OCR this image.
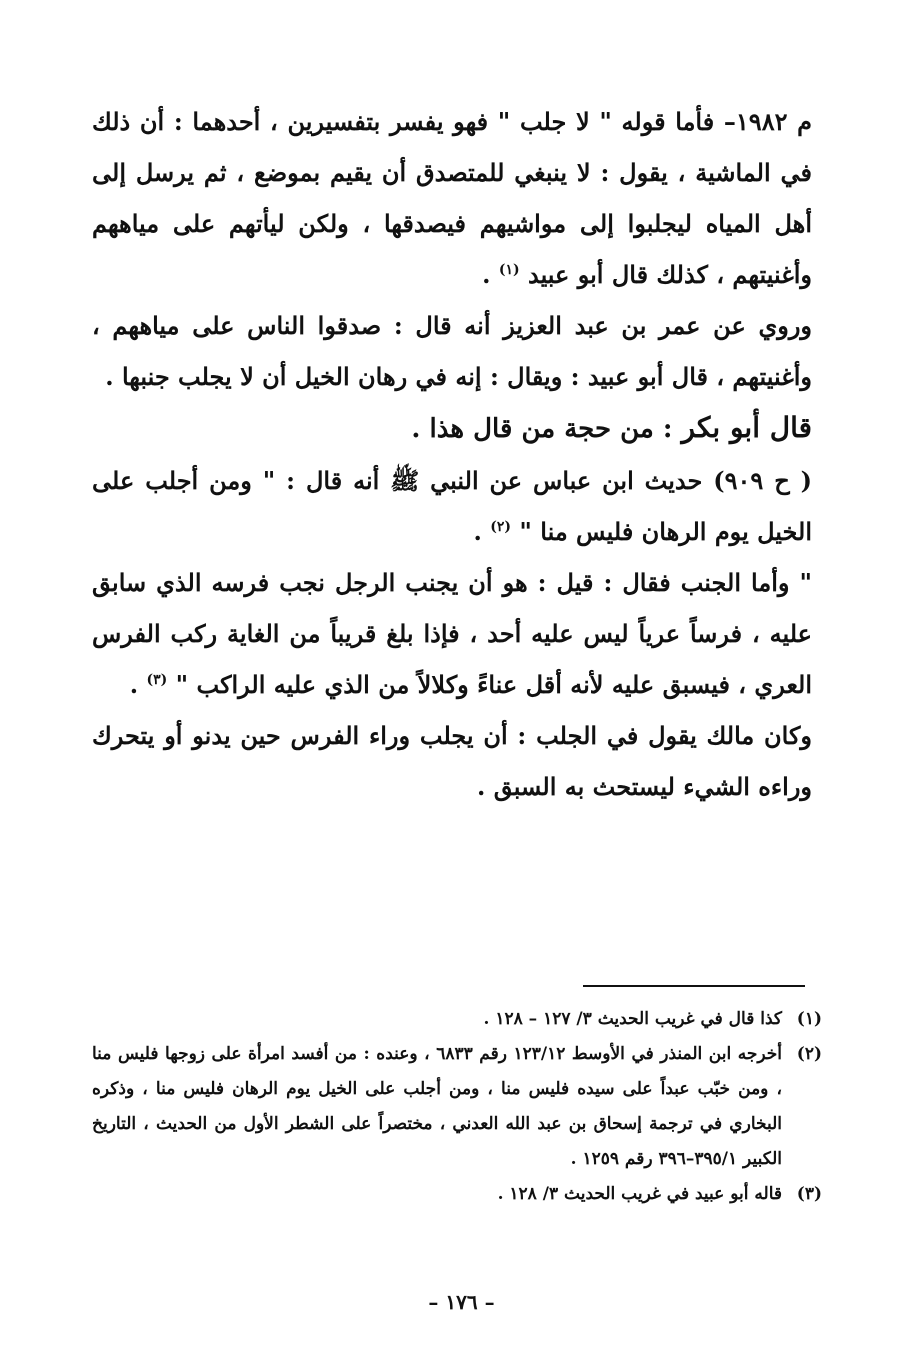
م ١٩٨٢– فأما قوله " لا جلب " فهو يفسر بتفسيرين ، أحدهما : أن ذلك في الماشية ، يقول : لا ينبغي للمتصدق أن يقيم بموضع ، ثم يرسل إلى أهل المياه ليجلبوا إلى مواشيهم فيصدقها ، ولكن ليأتهم على مياههم وأغنيتهم ، كذلك قال أبو عبيد $^{(١)}$ .

وروي عن عمر بن عبد العزيز أنه قال : صدقوا الناس على مياههم ، وأغنيتهم ، قال أبو عبيد : ويقال : إنه في رهان الخيل أن لا يجلب جنبها .

قال أبو بكر : من حجة من قال هذا .

( ح ٩٠٩) حديث ابن عباس عن النبي ﷺ أنه قال : " ومن أجلب على الخيل يوم الرهان فليس منا " $^{(٢)}$ .

" وأما الجنب فقال : قيل : هو أن يجنب الرجل نجب فرسه الذي سابق عليه ، فرساً عرياً ليس عليه أحد ، فإذا بلغ قريباً من الغاية ركب الفرس العري ، فيسبق عليه لأنه أقل عناءً وكلالاً من الذي عليه الراكب " $^{(٣)}$ .

وكان مالك يقول في الجلب : أن يجلب وراء الفرس حين يدنو أو يتحرك وراءه الشيء ليستحث به السبق .

(١)
كذا قال في غريب الحديث ٣/ ١٢٧ – ١٢٨ .
(٢)
أخرجه ابن المنذر في الأوسط ١٢٣/١٢ رقم ٦٨٣٣ ، وعنده : من أفسد امرأة على زوجها فليس منا ، ومن خبّب عبداً على سيده فليس منا ، ومن أجلب على الخيل يوم الرهان فليس منا ، وذكره البخاري في ترجمة إسحاق بن عبد الله العدني ، مختصراً على الشطر الأول من الحديث ، التاريخ الكبير ٣٩٥/١–٣٩٦ رقم ١٢٥٩ .
(٣)
قاله أبو عبيد في غريب الحديث ٣/ ١٢٨ .
– ١٧٦ –
